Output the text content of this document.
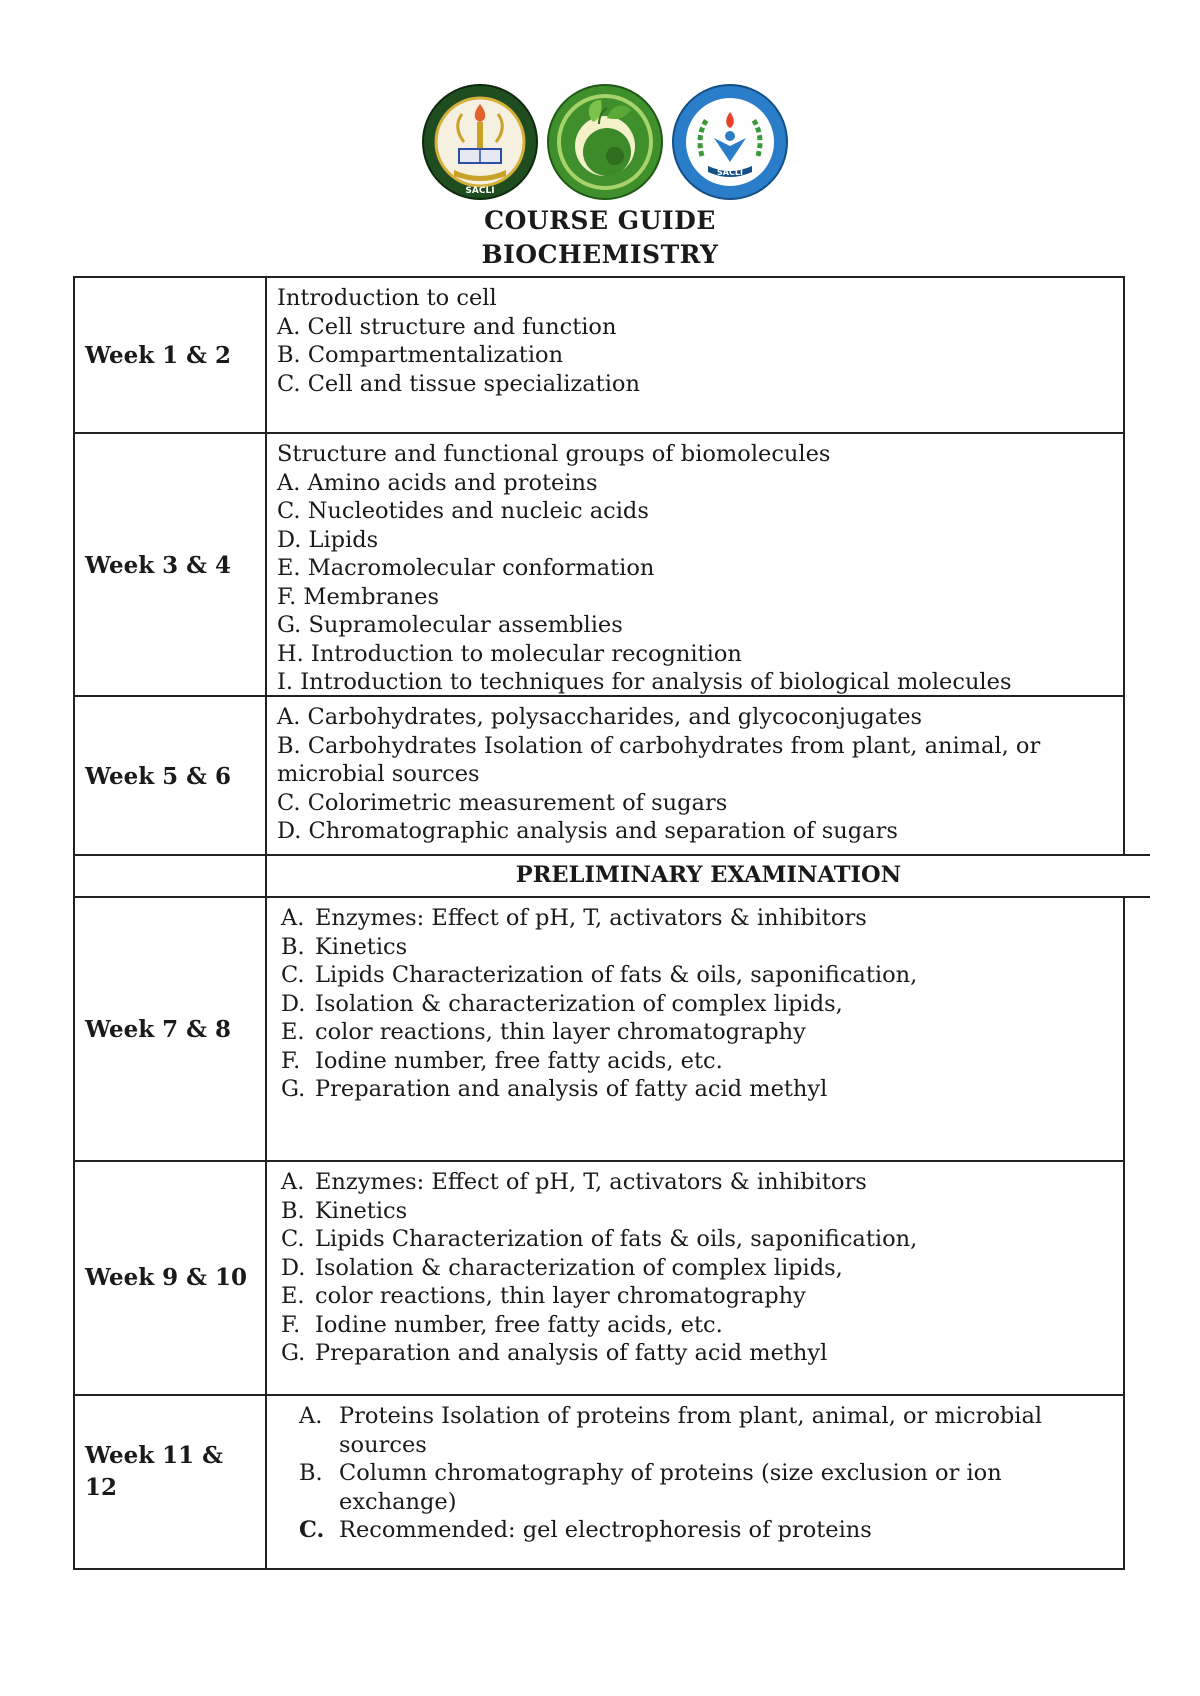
SACLI
SACLI
COURSE GUIDE
BIOCHEMISTRY
Week 1 & 2
Introduction to cell
A. Cell structure and function
B. Compartmentalization
C. Cell and tissue specialization
Week 3 & 4
Structure and functional groups of biomolecules
A. Amino acids and proteins
C. Nucleotides and nucleic acids
D. Lipids
E. Macromolecular conformation
F. Membranes
G. Supramolecular assemblies
H. Introduction to molecular recognition
I. Introduction to techniques for analysis of biological molecules
Week 5 & 6
A. Carbohydrates, polysaccharides, and glycoconjugates
B. Carbohydrates Isolation of carbohydrates from plant, animal, or
microbial sources
C. Colorimetric measurement of sugars
D. Chromatographic analysis and separation of sugars
PRELIMINARY EXAMINATION
Week 7 & 8
A. Enzymes: Effect of pH, T, activators & inhibitors
B. Kinetics
C. Lipids Characterization of fats & oils, saponification,
D. Isolation & characterization of complex lipids,
E. color reactions, thin layer chromatography
F. Iodine number, free fatty acids, etc.
G. Preparation and analysis of fatty acid methyl
Week 9 & 10
A. Enzymes: Effect of pH, T, activators & inhibitors
B. Kinetics
C. Lipids Characterization of fats & oils, saponification,
D. Isolation & characterization of complex lipids,
E. color reactions, thin layer chromatography
F. Iodine number, free fatty acids, etc.
G. Preparation and analysis of fatty acid methyl
Week 11 &
12
A. Proteins Isolation of proteins from plant, animal, or microbial
sources
B. Column chromatography of proteins (size exclusion or ion
exchange)
C. Recommended: gel electrophoresis of proteins
